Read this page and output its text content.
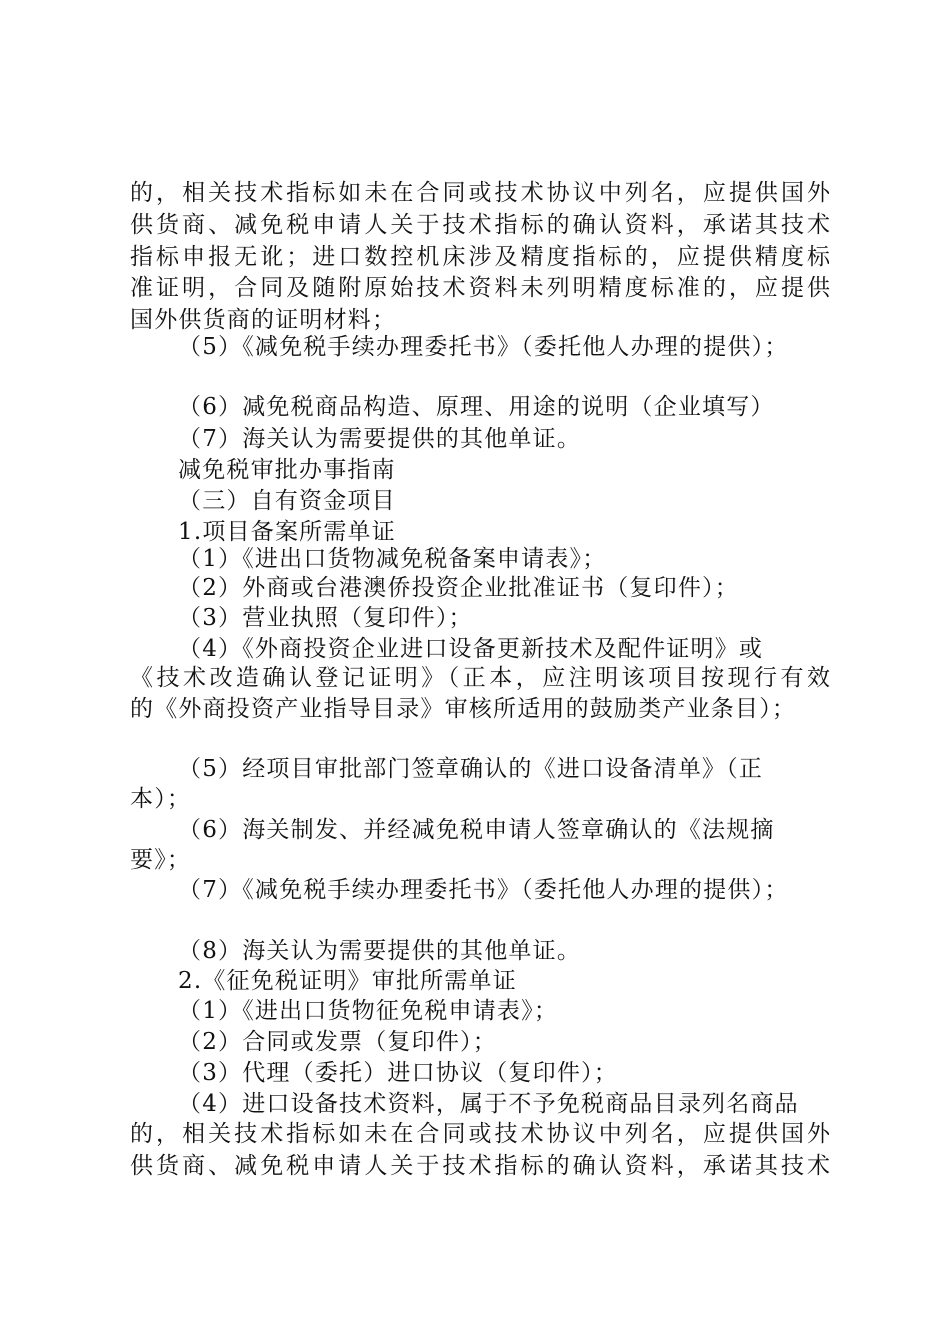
的，相关技术指标如未在合同或技术协议中列名，应提供国外
供货商、减免税申请人关于技术指标的确认资料，承诺其技术
指标申报无讹；进口数控机床涉及精度指标的，应提供精度标
准证明，合同及随附原始技术资料未列明精度标准的，应提供
国外供货商的证明材料；
（5）《减免税手续办理委托书》（委托他人办理的提供）；
（6）减免税商品构造、原理、用途的说明（企业填写）
（7）海关认为需要提供的其他单证。
减免税审批办事指南
（三）自有资金项目
1.项目备案所需单证
（1）《进出口货物减免税备案申请表》；
（2）外商或台港澳侨投资企业批准证书（复印件）；
（3）营业执照（复印件）；
（4）《外商投资企业进口设备更新技术及配件证明》或
《技术改造确认登记证明》（正本，应注明该项目按现行有效
的《外商投资产业指导目录》审核所适用的鼓励类产业条目）；
（5）经项目审批部门签章确认的《进口设备清单》（正
本）；
（6）海关制发、并经减免税申请人签章确认的《法规摘
要》；
（7）《减免税手续办理委托书》（委托他人办理的提供）；
（8）海关认为需要提供的其他单证。
2.《征免税证明》审批所需单证
（1）《进出口货物征免税申请表》；
（2）合同或发票（复印件）；
（3）代理（委托）进口协议（复印件）；
（4）进口设备技术资料，属于不予免税商品目录列名商品
的，相关技术指标如未在合同或技术协议中列名，应提供国外
供货商、减免税申请人关于技术指标的确认资料，承诺其技术
